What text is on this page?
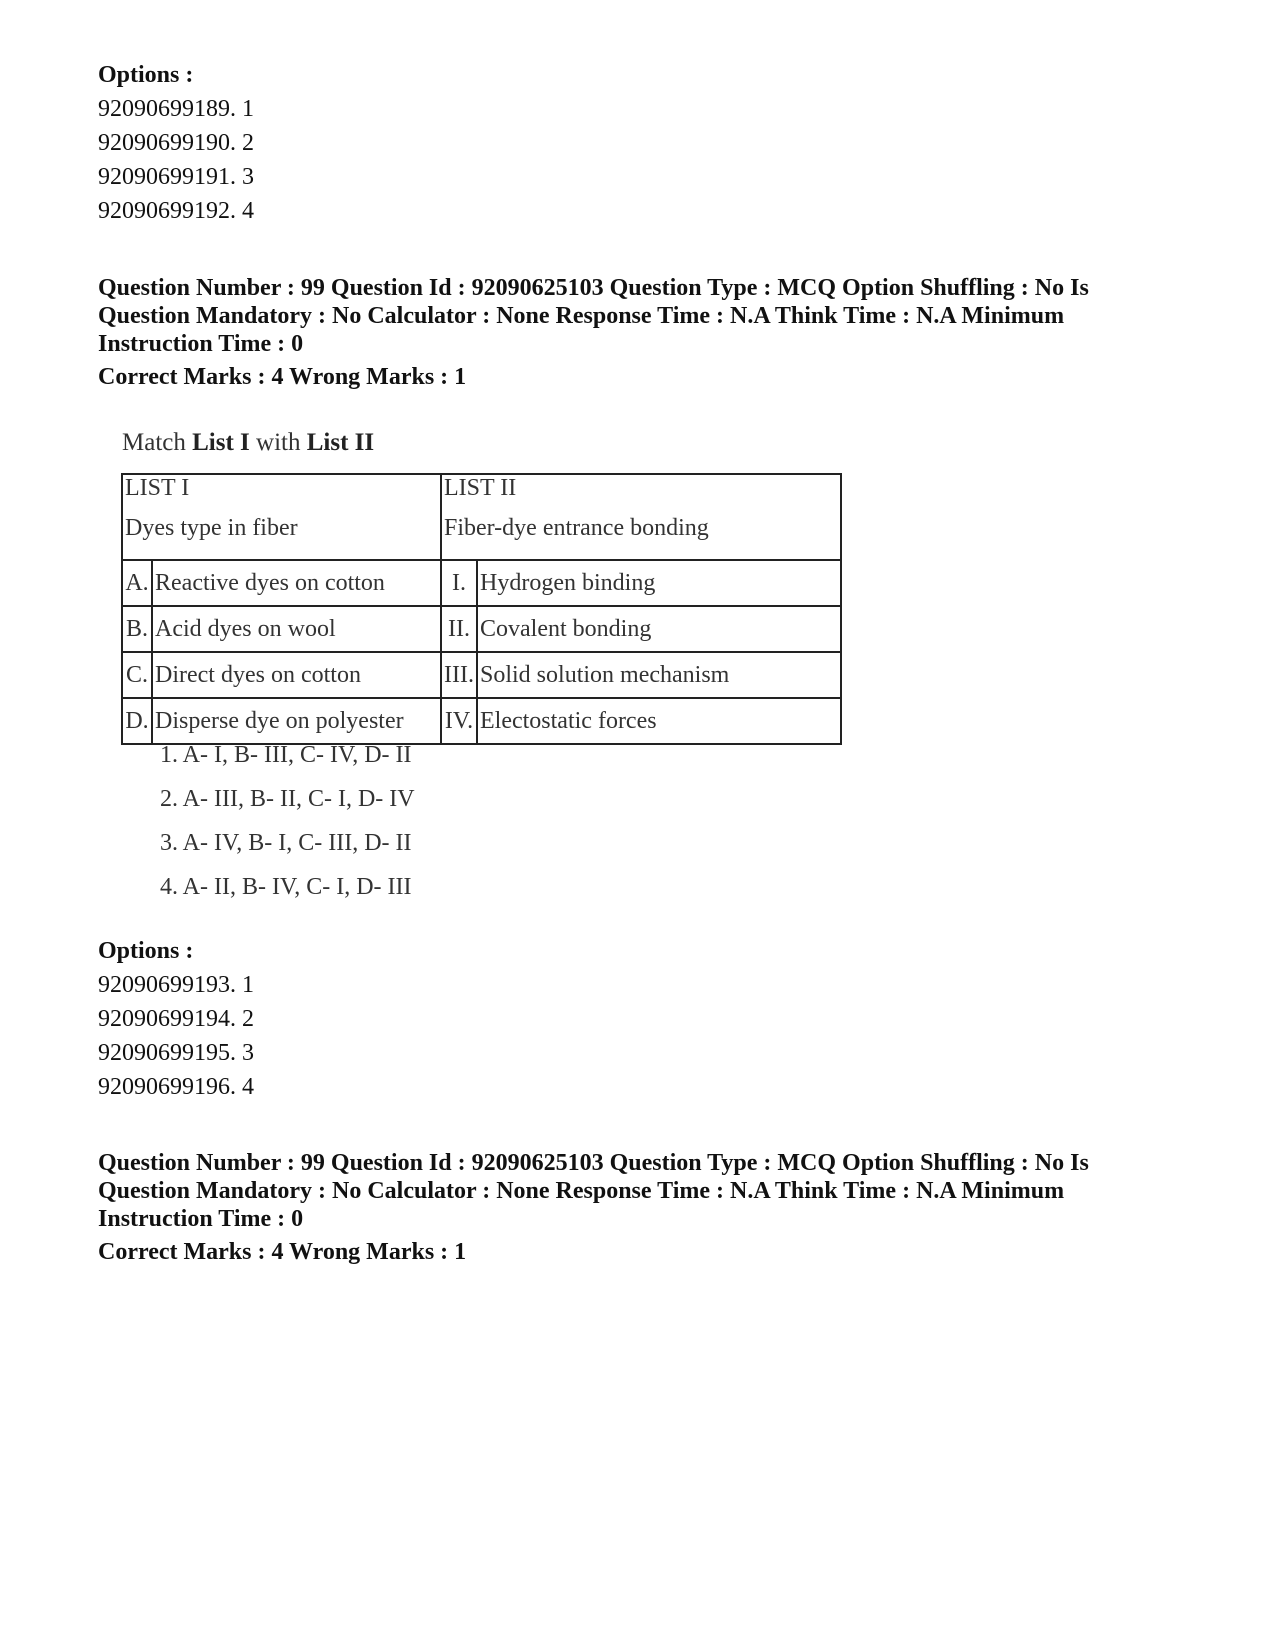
Options :
92090699189. 1
92090699190. 2
92090699191. 3
92090699192. 4
Question Number : 99 Question Id : 92090625103 Question Type : MCQ Option Shuffling : No Is
Question Mandatory : No Calculator : None Response Time : N.A Think Time : N.A Minimum
Instruction Time : 0
Correct Marks : 4 Wrong Marks : 1
Match List I with List II
LIST I		LIST II	
Dyes type in fiber		Fiber-dye entrance bonding	
A.	Reactive dyes on cotton	I.	Hydrogen binding
B.	Acid dyes on wool	II.	Covalent bonding
C.	Direct dyes on cotton	III.	Solid solution mechanism
D.	Disperse dye on polyester	IV.	Electostatic forces
1. A- I, B- III, C- IV, D- II
2. A- III, B- II, C- I, D- IV
3. A- IV, B- I, C- III, D- II
4. A- II, B- IV, C- I, D- III
Options :
92090699193. 1
92090699194. 2
92090699195. 3
92090699196. 4
Question Number : 99 Question Id : 92090625103 Question Type : MCQ Option Shuffling : No Is
Question Mandatory : No Calculator : None Response Time : N.A Think Time : N.A Minimum
Instruction Time : 0
Correct Marks : 4 Wrong Marks : 1
